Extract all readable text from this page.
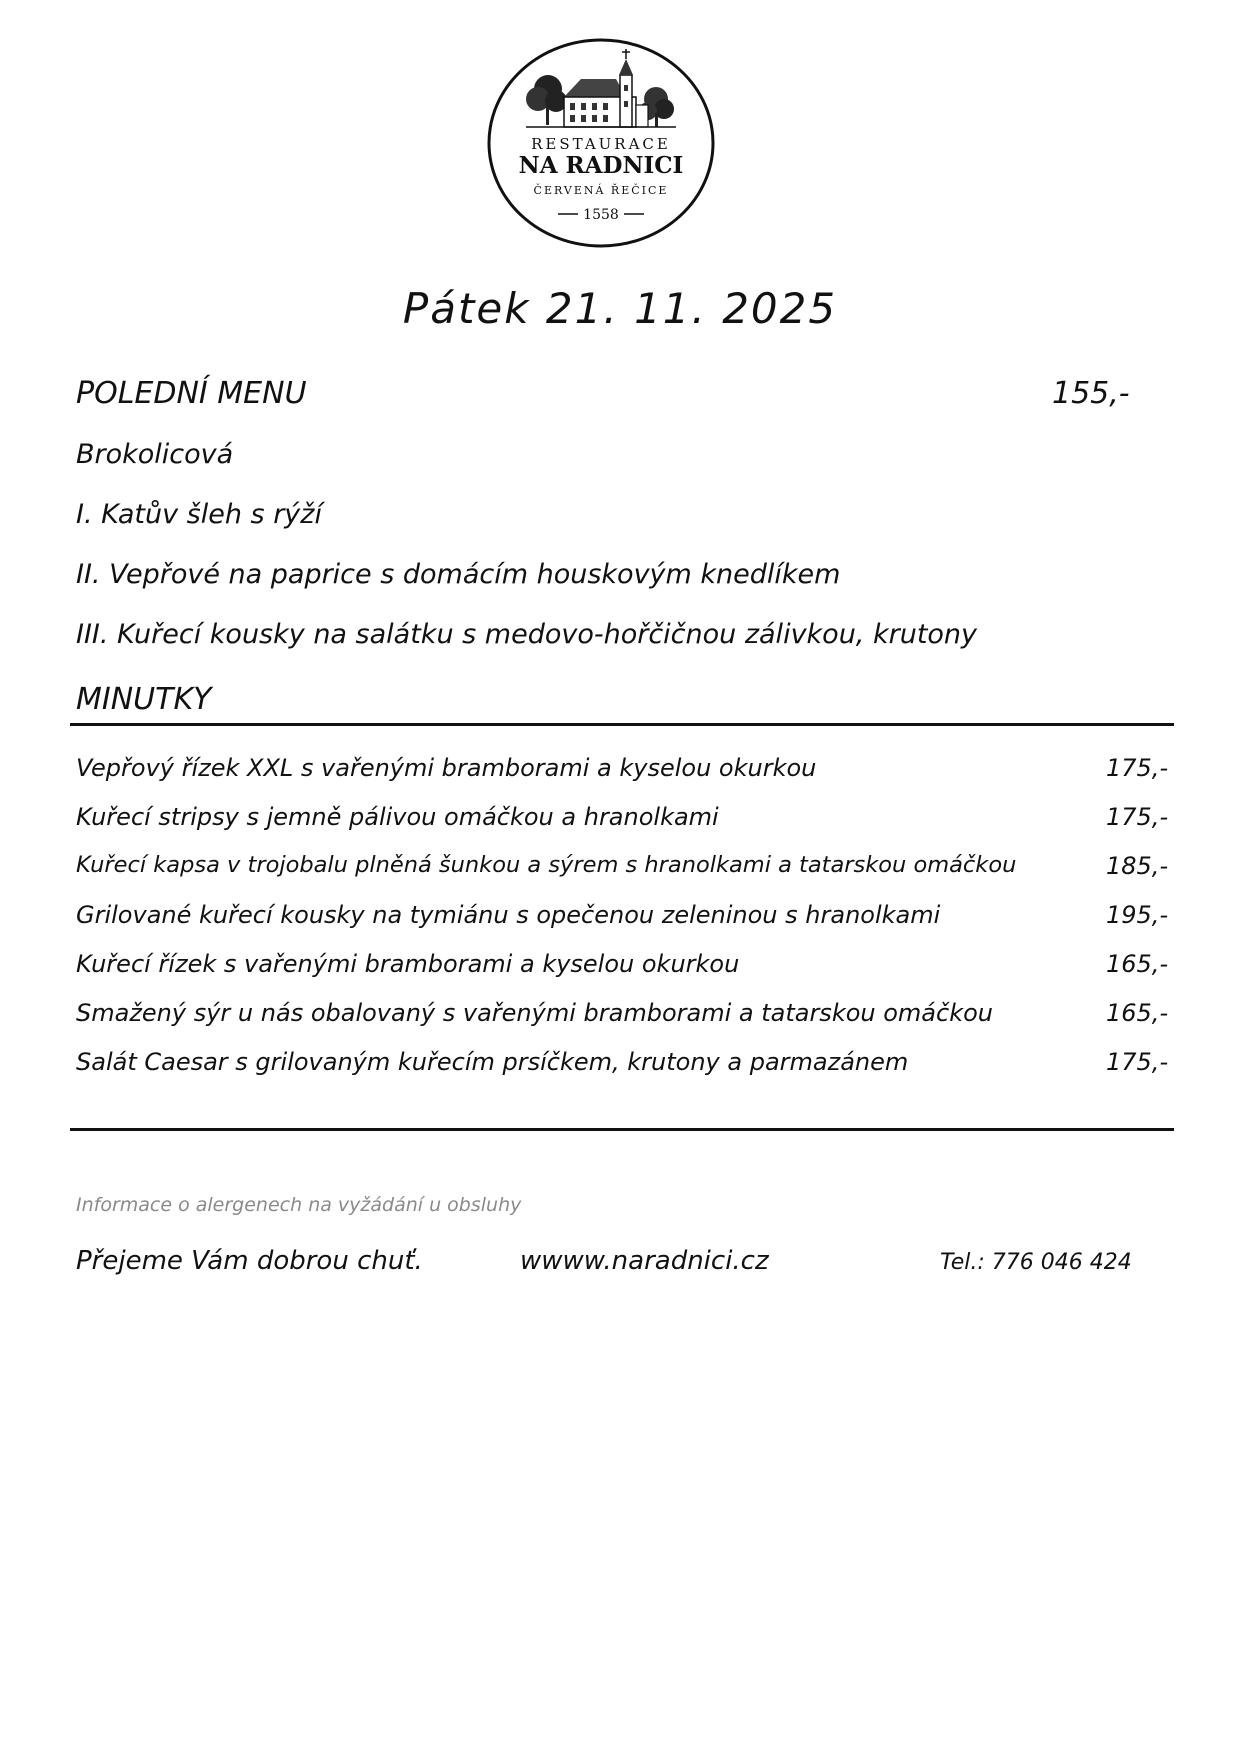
RESTAURACE
NA RADNICI
ČERVENÁ ŘEČICE
1558
Pátek 21. 11. 2025
POLEDNÍ MENU	155,-
Brokolicová
I. Katův šleh s rýží
II. Vepřové na paprice s domácím houskovým knedlíkem
III. Kuřecí kousky na salátku s medovo-hořčičnou zálivkou, krutony
MINUTKY
Vepřový řízek XXL s vařenými bramborami a kyselou okurkou	175,-
Kuřecí stripsy s jemně pálivou omáčkou a hranolkami	175,-
Kuřecí kapsa v trojobalu plněná šunkou a sýrem s hranolkami a tatarskou omáčkou	185,-
Grilované kuřecí kousky na tymiánu s opečenou zeleninou s hranolkami	195,-
Kuřecí řízek s vařenými bramborami a kyselou okurkou	165,-
Smažený sýr u nás obalovaný s vařenými bramborami a tatarskou omáčkou	165,-
Salát Caesar s grilovaným kuřecím prsíčkem, krutony a parmazánem	175,-
Informace o alergenech na vyžádání u obsluhy
Přejeme Vám dobrou chuť.	wwww.naradnici.cz	Tel.: 776 046 424
